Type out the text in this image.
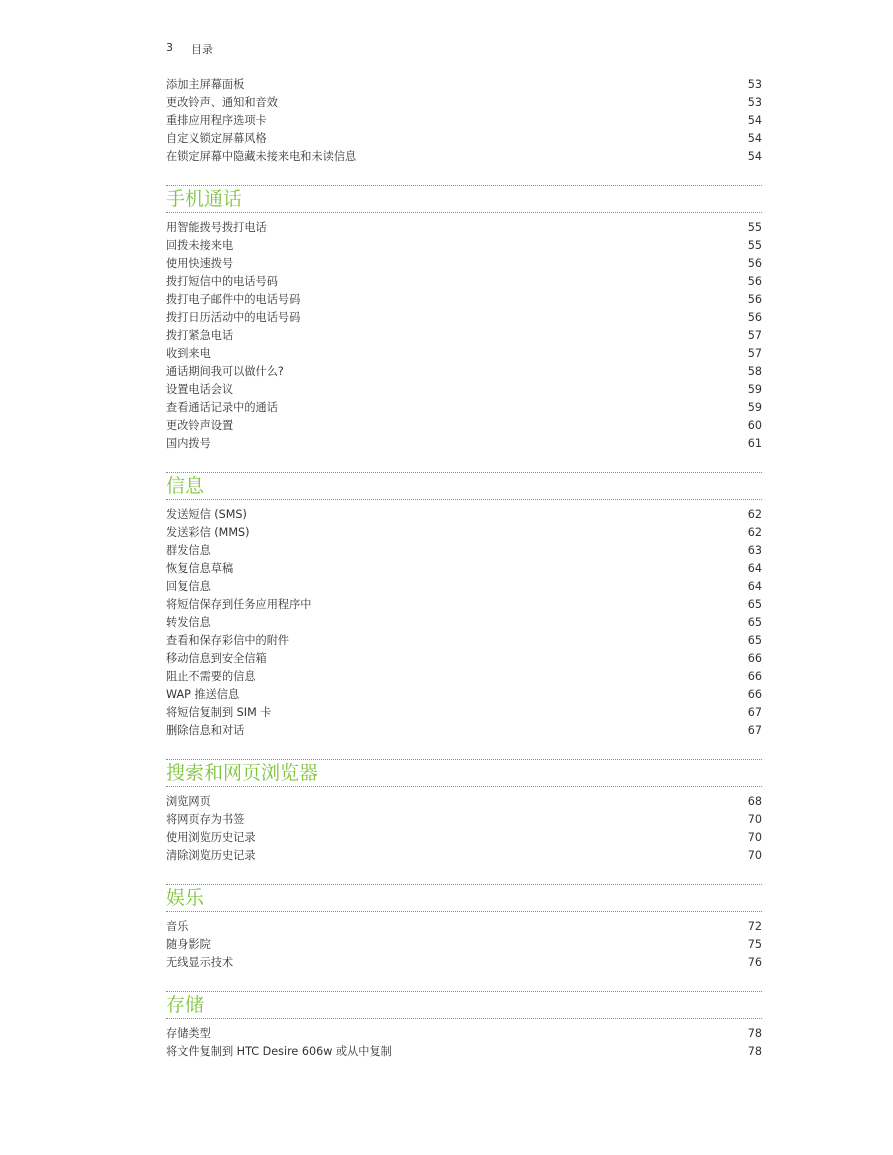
3 目录
添加主屏幕面板	53
更改铃声、通知和音效	53
重排应用程序选项卡	54
自定义锁定屏幕风格	54
在锁定屏幕中隐藏未接来电和未读信息	54
手机通话
用智能拨号拨打电话	55
回拨未接来电	55
使用快速拨号	56
拨打短信中的电话号码	56
拨打电子邮件中的电话号码	56
拨打日历活动中的电话号码	56
拨打紧急电话	57
收到来电	57
通话期间我可以做什么?	58
设置电话会议	59
查看通话记录中的通话	59
更改铃声设置	60
国内拨号	61
信息
发送短信 (SMS)	62
发送彩信 (MMS)	62
群发信息	63
恢复信息草稿	64
回复信息	64
将短信保存到任务应用程序中	65
转发信息	65
查看和保存彩信中的附件	65
移动信息到安全信箱	66
阻止不需要的信息	66
WAP 推送信息	66
将短信复制到 SIM 卡	67
删除信息和对话	67
搜索和网页浏览器
浏览网页	68
将网页存为书签	70
使用浏览历史记录	70
清除浏览历史记录	70
娱乐
音乐	72
随身影院	75
无线显示技术	76
存储
存储类型	78
将文件复制到 HTC Desire 606w 或从中复制	78
